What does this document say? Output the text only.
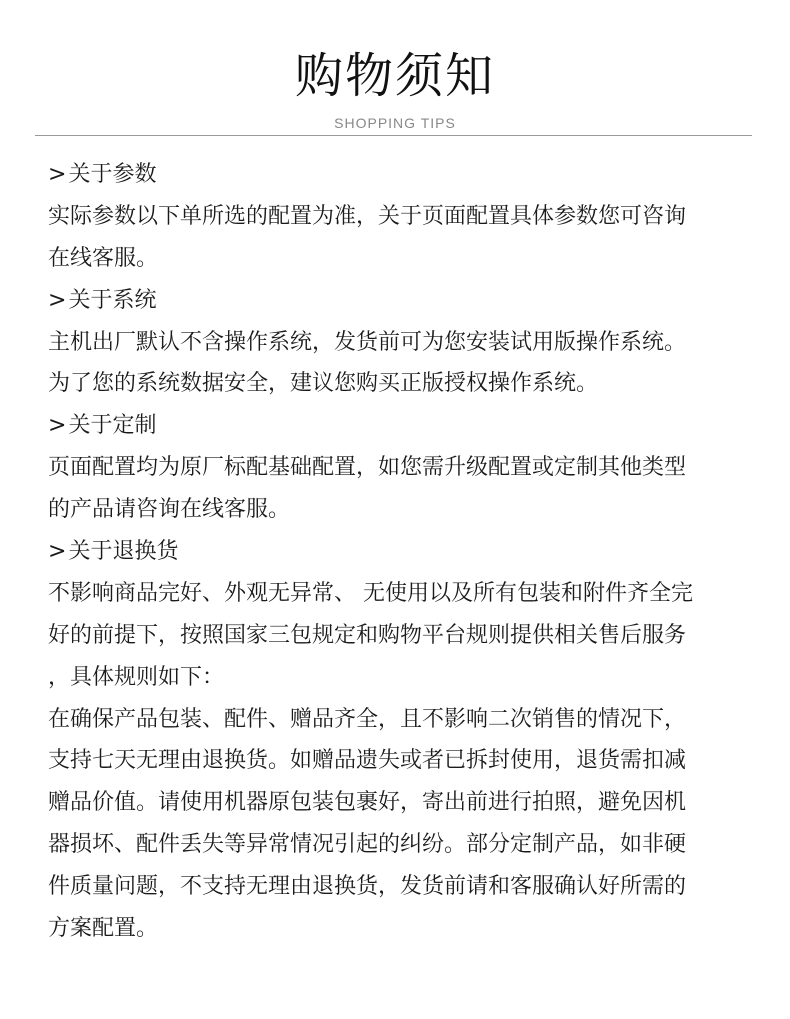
购物须知
SHOPPING TIPS
>关于参数
实际参数以下单所选的配置为准，关于页面配置具体参数您可咨询
在线客服。
>关于系统
主机出厂默认不含操作系统，发货前可为您安装试用版操作系统。
为了您的系统数据安全，建议您购买正版授权操作系统。
>关于定制
页面配置均为原厂标配基础配置，如您需升级配置或定制其他类型
的产品请咨询在线客服。
>关于退换货
不影响商品完好、外观无异常、 无使用以及所有包装和附件齐全完
好的前提下，按照国家三包规定和购物平台规则提供相关售后服务
，具体规则如下：
在确保产品包装、配件、赠品齐全，且不影响二次销售的情况下，
支持七天无理由退换货。如赠品遗失或者已拆封使用，退货需扣减
赠品价值。请使用机器原包装包裹好，寄出前进行拍照，避免因机
器损坏、配件丢失等异常情况引起的纠纷。部分定制产品，如非硬
件质量问题，不支持无理由退换货，发货前请和客服确认好所需的
方案配置。
